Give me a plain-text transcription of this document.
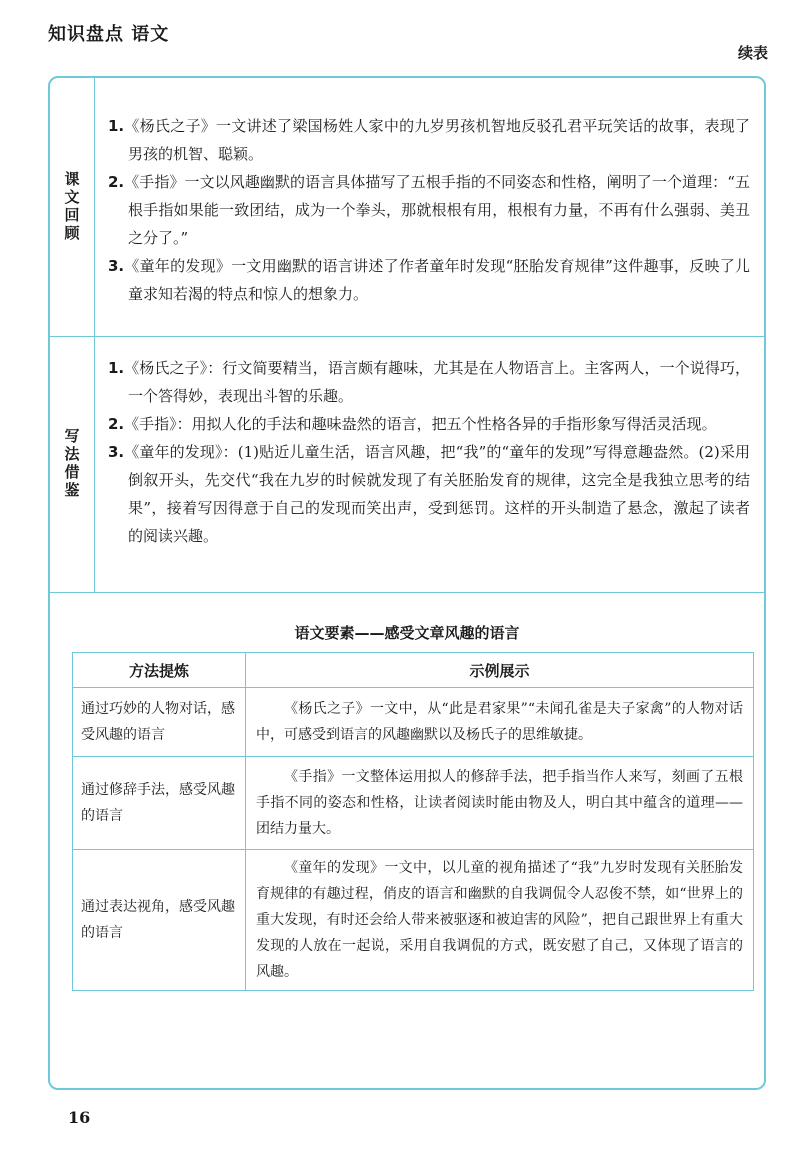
知识盘点 语文
续表
课文回顾
1.《杨氏之子》一文讲述了梁国杨姓人家中的九岁男孩机智地反驳孔君平玩笑话的故事，表现了男孩的机智、聪颖。
2.《手指》一文以风趣幽默的语言具体描写了五根手指的不同姿态和性格，阐明了一个道理：“五根手指如果能一致团结，成为一个拳头，那就根根有用，根根有力量，不再有什么强弱、美丑之分了。”
3.《童年的发现》一文用幽默的语言讲述了作者童年时发现“胚胎发育规律”这件趣事，反映了儿童求知若渴的特点和惊人的想象力。
写法借鉴
1.《杨氏之子》：行文简要精当，语言颇有趣味，尤其是在人物语言上。主客两人，一个说得巧，一个答得妙，表现出斗智的乐趣。
2.《手指》：用拟人化的手法和趣味盎然的语言，把五个性格各异的手指形象写得活灵活现。
3.《童年的发现》：(1)贴近儿童生活，语言风趣，把“我”的“童年的发现”写得意趣盎然。(2)采用倒叙开头，先交代“我在九岁的时候就发现了有关胚胎发育的规律，这完全是我独立思考的结果”，接着写因得意于自己的发现而笑出声，受到惩罚。这样的开头制造了悬念，激起了读者的阅读兴趣。
语文要素——感受文章风趣的语言
方法提炼	示例展示
通过巧妙的人物对话，感受风趣的语言	《杨氏之子》一文中，从“此是君家果”“未闻孔雀是夫子家禽”的人物对话中，可感受到语言的风趣幽默以及杨氏子的思维敏捷。
通过修辞手法，感受风趣的语言	《手指》一文整体运用拟人的修辞手法，把手指当作人来写，刻画了五根手指不同的姿态和性格，让读者阅读时能由物及人，明白其中蕴含的道理——团结力量大。
通过表达视角，感受风趣的语言	《童年的发现》一文中，以儿童的视角描述了“我”九岁时发现有关胚胎发育规律的有趣过程，俏皮的语言和幽默的自我调侃令人忍俊不禁，如“世界上的重大发现，有时还会给人带来被驱逐和被迫害的风险”，把自己跟世界上有重大发现的人放在一起说，采用自我调侃的方式，既安慰了自己，又体现了语言的风趣。
16
